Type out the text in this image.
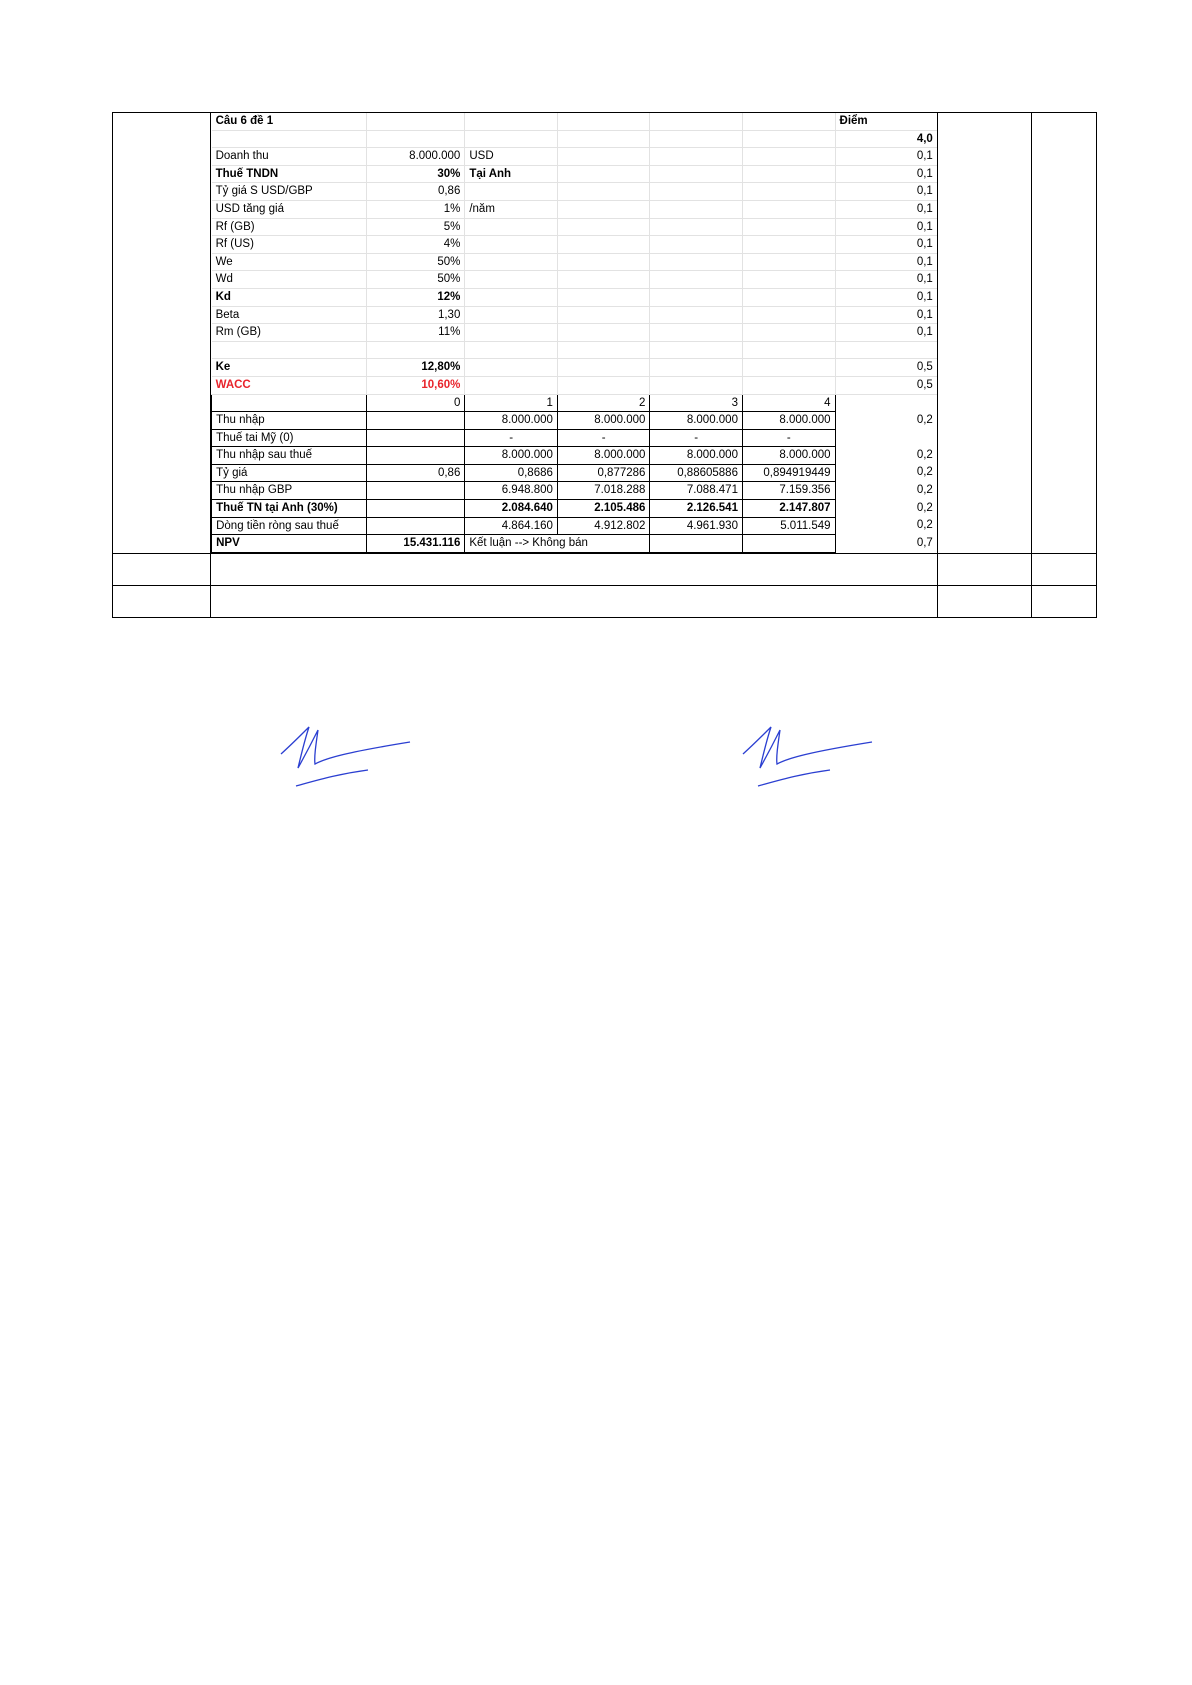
Câu 6 đề 1						Điểm
						4,0
Doanh thu	8.000.000	USD				0,1
Thuế TNDN	30%	Tại Anh				0,1
Tỷ giá S USD/GBP	0,86					0,1
USD tăng giá	1%	/năm				0,1
Rf (GB)	5%					0,1
Rf (US)	4%					0,1
We	50%					0,1
Wd	50%					0,1
Kd	12%					0,1
Beta	1,30					0,1
Rm (GB)	11%					0,1

Ke	12,80%					0,5
WACC	10,60%					0,5
	0	1	2	3	4	
Thu nhập		8.000.000	8.000.000	8.000.000	8.000.000	0,2
Thuế tai Mỹ (0)		-	-	-	-	
Thu nhập sau thuế		8.000.000	8.000.000	8.000.000	8.000.000	0,2
Tỷ giá	0,86	0,8686	0,877286	0,88605886	0,894919449	0,2
Thu nhập GBP		6.948.800	7.018.288	7.088.471	7.159.356	0,2
Thuế TN tại Anh (30%)		2.084.640	2.105.486	2.126.541	2.147.807	0,2
Dòng tiền ròng sau thuế		4.864.160	4.912.802	4.961.930	5.011.549	0,2
NPV	15.431.116	Kết luận --> Không bán			0,7
